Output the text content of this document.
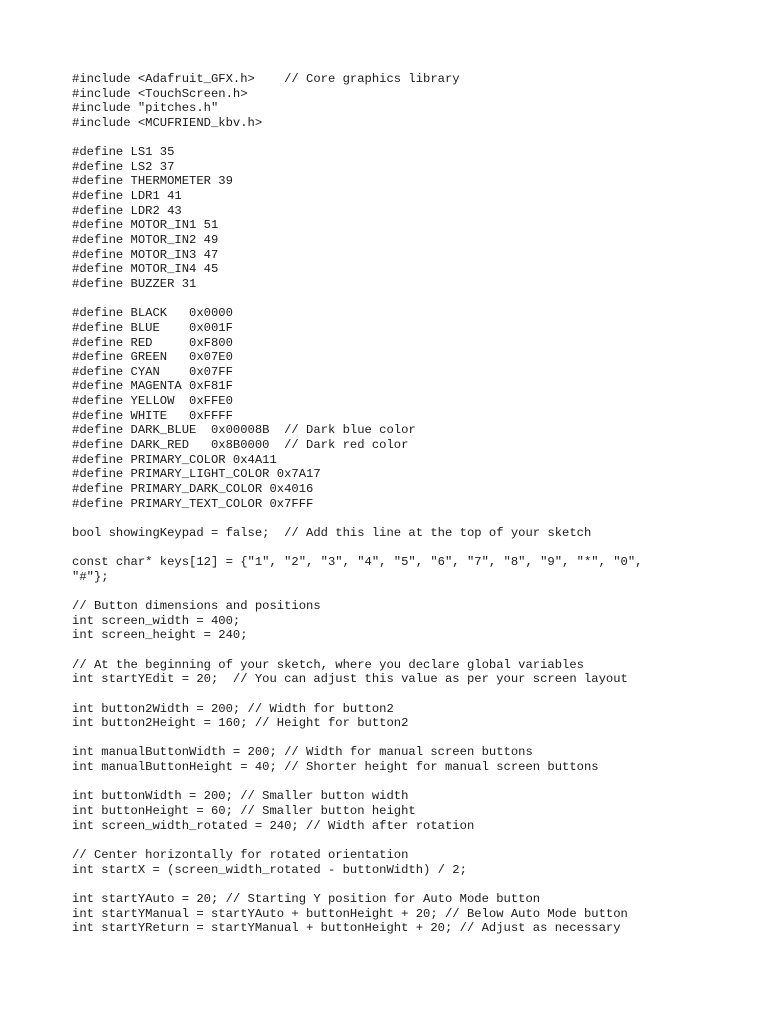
#include <Adafruit_GFX.h>    // Core graphics library
#include <TouchScreen.h>
#include "pitches.h"
#include <MCUFRIEND_kbv.h>
#define LS1 35
#define LS2 37
#define THERMOMETER 39
#define LDR1 41
#define LDR2 43
#define MOTOR_IN1 51
#define MOTOR_IN2 49
#define MOTOR_IN3 47
#define MOTOR_IN4 45
#define BUZZER 31
#define BLACK   0x0000
#define BLUE    0x001F
#define RED     0xF800
#define GREEN   0x07E0
#define CYAN    0x07FF
#define MAGENTA 0xF81F
#define YELLOW  0xFFE0
#define WHITE   0xFFFF
#define DARK_BLUE  0x00008B  // Dark blue color
#define DARK_RED   0x8B0000  // Dark red color
#define PRIMARY_COLOR 0x4A11
#define PRIMARY_LIGHT_COLOR 0x7A17
#define PRIMARY_DARK_COLOR 0x4016
#define PRIMARY_TEXT_COLOR 0x7FFF
bool showingKeypad = false;  // Add this line at the top of your sketch
const char* keys[12] = {"1", "2", "3", "4", "5", "6", "7", "8", "9", "*", "0",
"#"};
// Button dimensions and positions
int screen_width = 400;
int screen_height = 240;
// At the beginning of your sketch, where you declare global variables
int startYEdit = 20;  // You can adjust this value as per your screen layout
int button2Width = 200; // Width for button2
int button2Height = 160; // Height for button2
int manualButtonWidth = 200; // Width for manual screen buttons
int manualButtonHeight = 40; // Shorter height for manual screen buttons
int buttonWidth = 200; // Smaller button width
int buttonHeight = 60; // Smaller button height
int screen_width_rotated = 240; // Width after rotation
// Center horizontally for rotated orientation
int startX = (screen_width_rotated - buttonWidth) / 2;
int startYAuto = 20; // Starting Y position for Auto Mode button
int startYManual = startYAuto + buttonHeight + 20; // Below Auto Mode button
int startYReturn = startYManual + buttonHeight + 20; // Adjust as necessary
